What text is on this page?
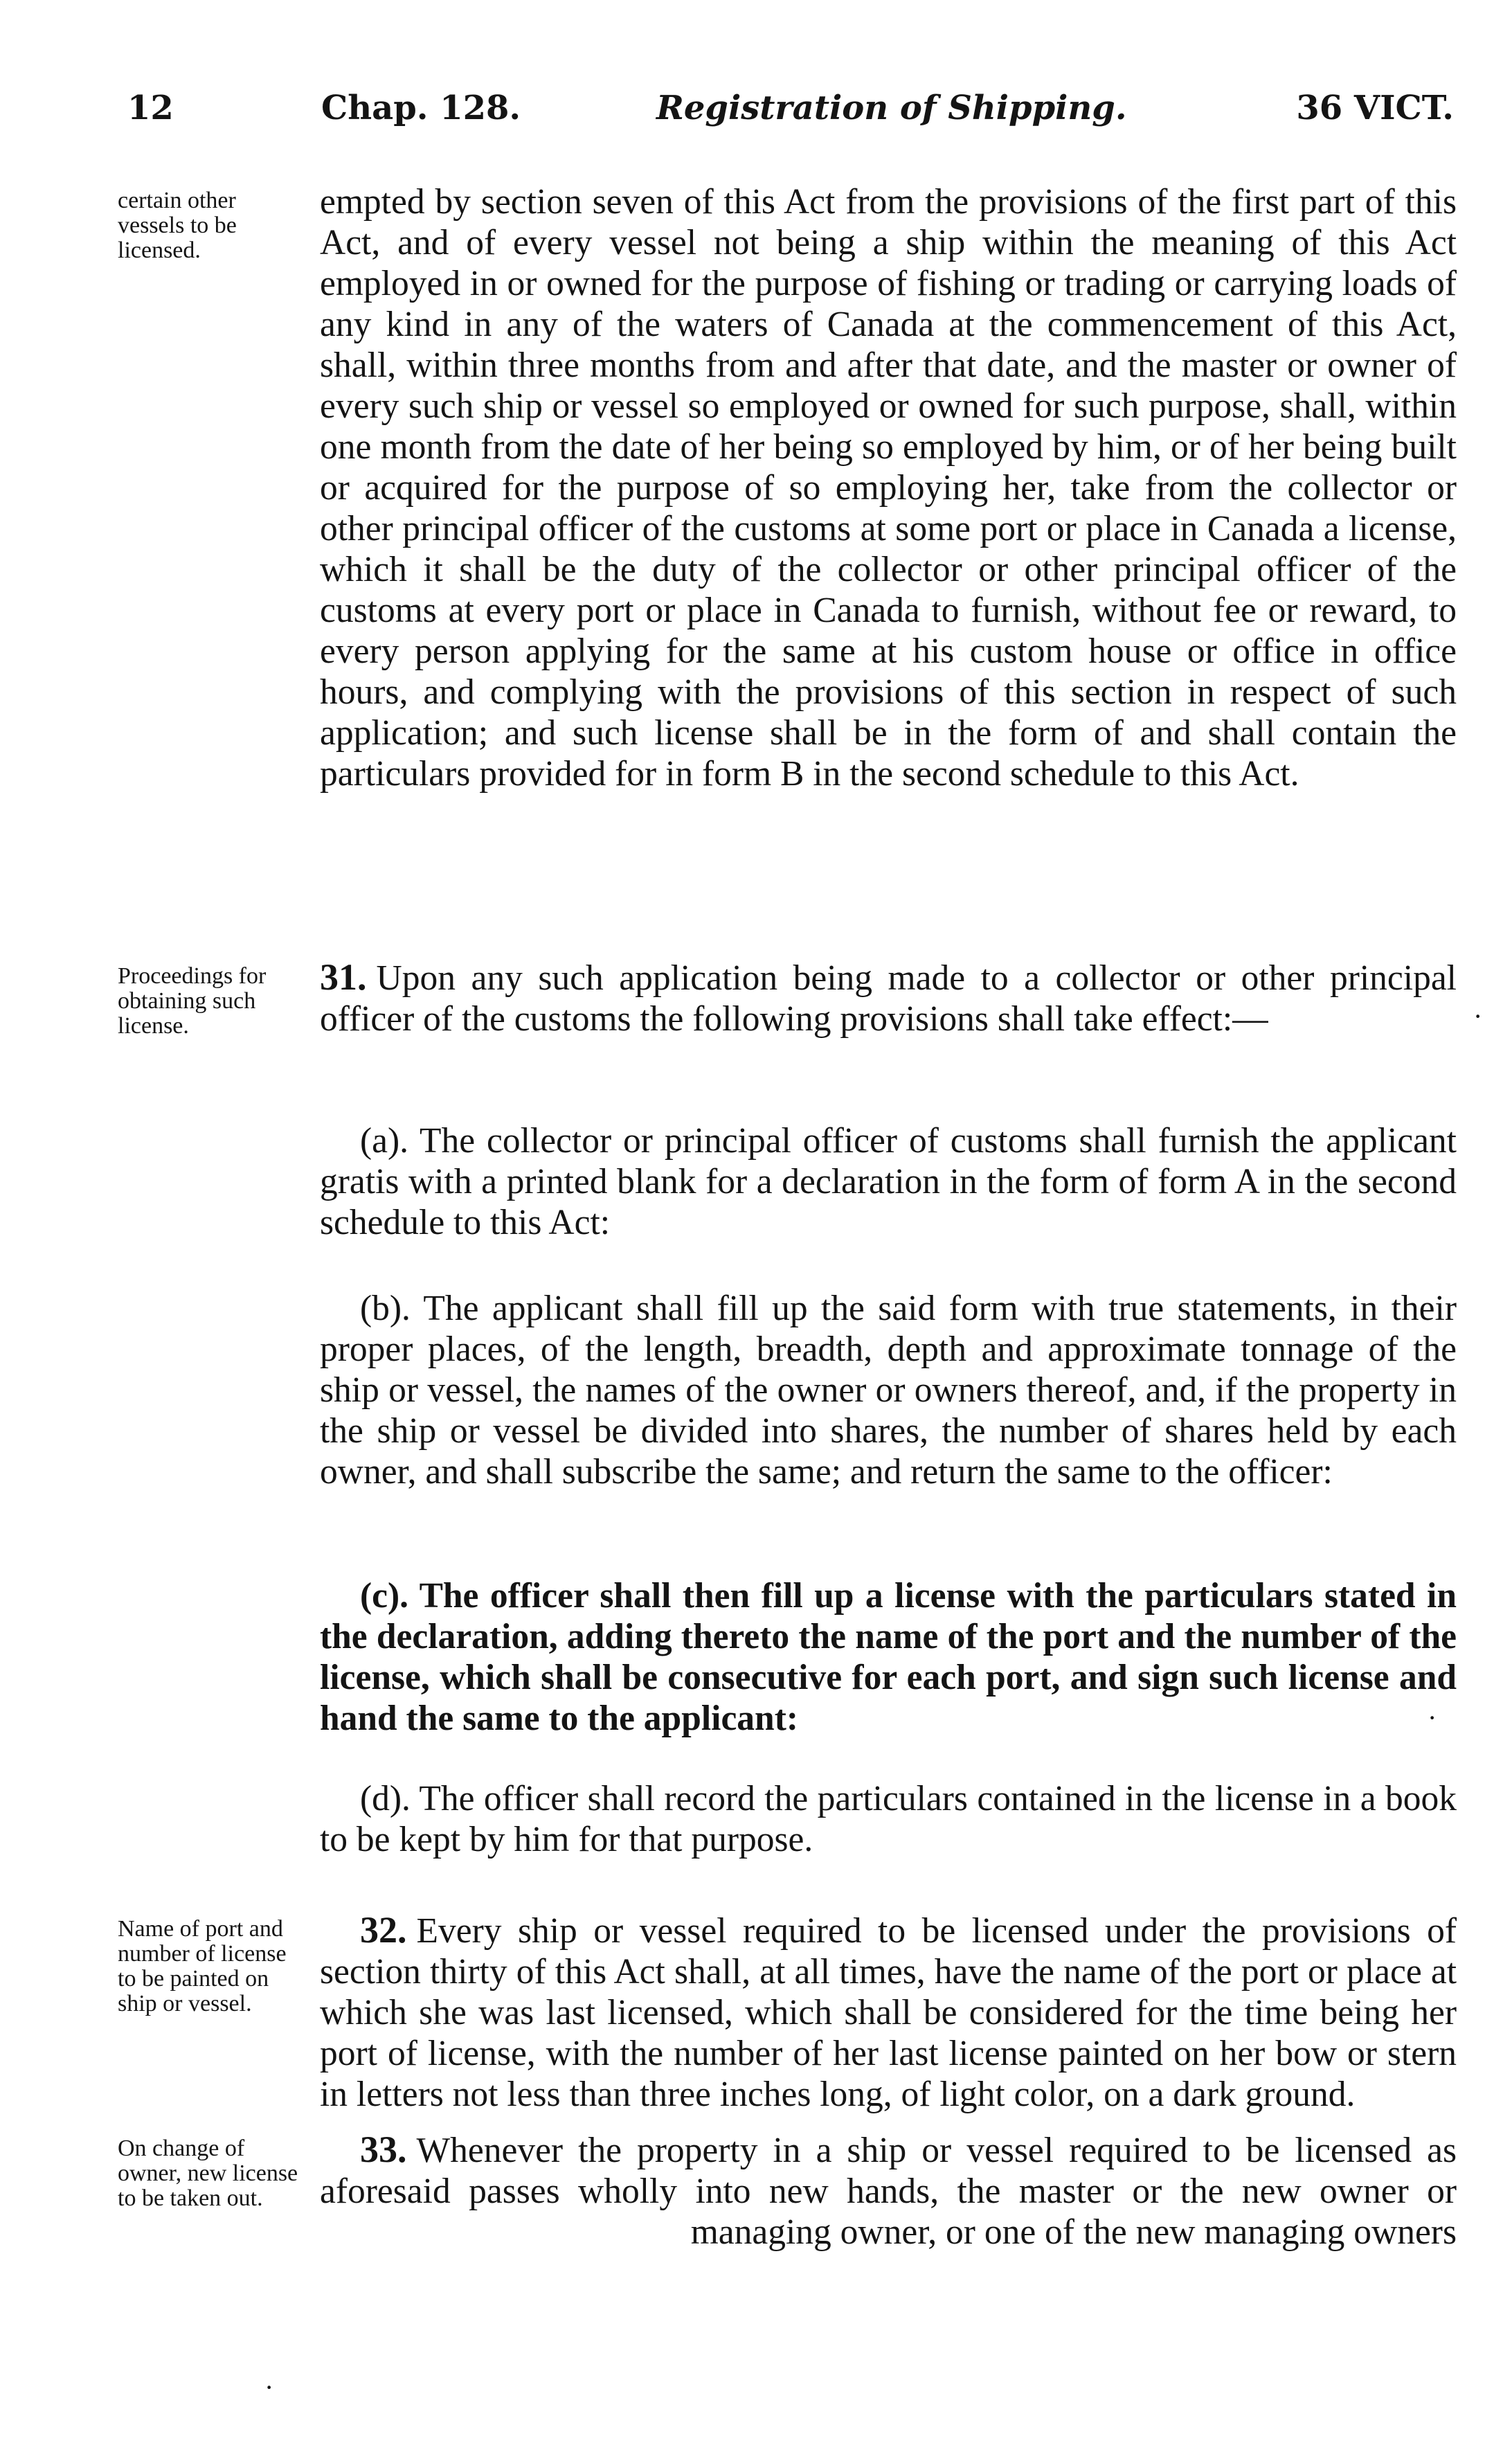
12	Chap. 128.	Registration of Shipping.	36 VICT.
certain other vessels to be licensed.

empted by section seven of this Act from the provisions of the first part of this Act, and of every vessel not being a ship within the meaning of this Act employed in or owned for the purpose of fishing or trading or carrying loads of any kind in any of the waters of Canada at the commencement of this Act, shall, within three months from and after that date, and the master or owner of every such ship or vessel so employed or owned for such purpose, shall, within one month from the date of her being so employed by him, or of her being built or acquired for the purpose of so employing her, take from the collector or other principal officer of the customs at some port or place in Canada a license, which it shall be the duty of the collector or other principal officer of the customs at every port or place in Canada to furnish, without fee or reward, to every person applying for the same at his custom house or office in office hours, and complying with the provisions of this section in respect of such application; and such license shall be in the form of and shall contain the particulars provided for in form B in the second schedule to this Act.

Proceedings for obtaining such license.

31. Upon any such application being made to a collector or other principal officer of the customs the following provisions shall take effect:—	·

(a). The collector or principal officer of customs shall furnish the applicant gratis with a printed blank for a declaration in the form of form A in the second schedule to this Act:

(b). The applicant shall fill up the said form with true statements, in their proper places, of the length, breadth, depth and approximate tonnage of the ship or vessel, the names of the owner or owners thereof, and, if the property in the ship or vessel be divided into shares, the number of shares held by each owner, and shall subscribe the same; and return the same to the officer:

(c). The officer shall then fill up a license with the particulars stated in the declaration, adding thereto the name of the port and the number of the license, which shall be consecutive for each port, and sign such license and hand the same to the applicant:	·

(d). The officer shall record the particulars contained in the license in a book to be kept by him for that purpose.

Name of port and number of license to be painted on ship or vessel.

32. Every ship or vessel required to be licensed under the provisions of section thirty of this Act shall, at all times, have the name of the port or place at which she was last licensed, which shall be considered for the time being her port of license, with the number of her last license painted on her bow or stern in letters not less than three inches long, of light color, on a dark ground.

On change of owner, new license to be taken out.

33. Whenever the property in a ship or vessel required to be licensed as aforesaid passes wholly into new hands, the master or the new owner or managing owner, or one of the new managing owners

·
